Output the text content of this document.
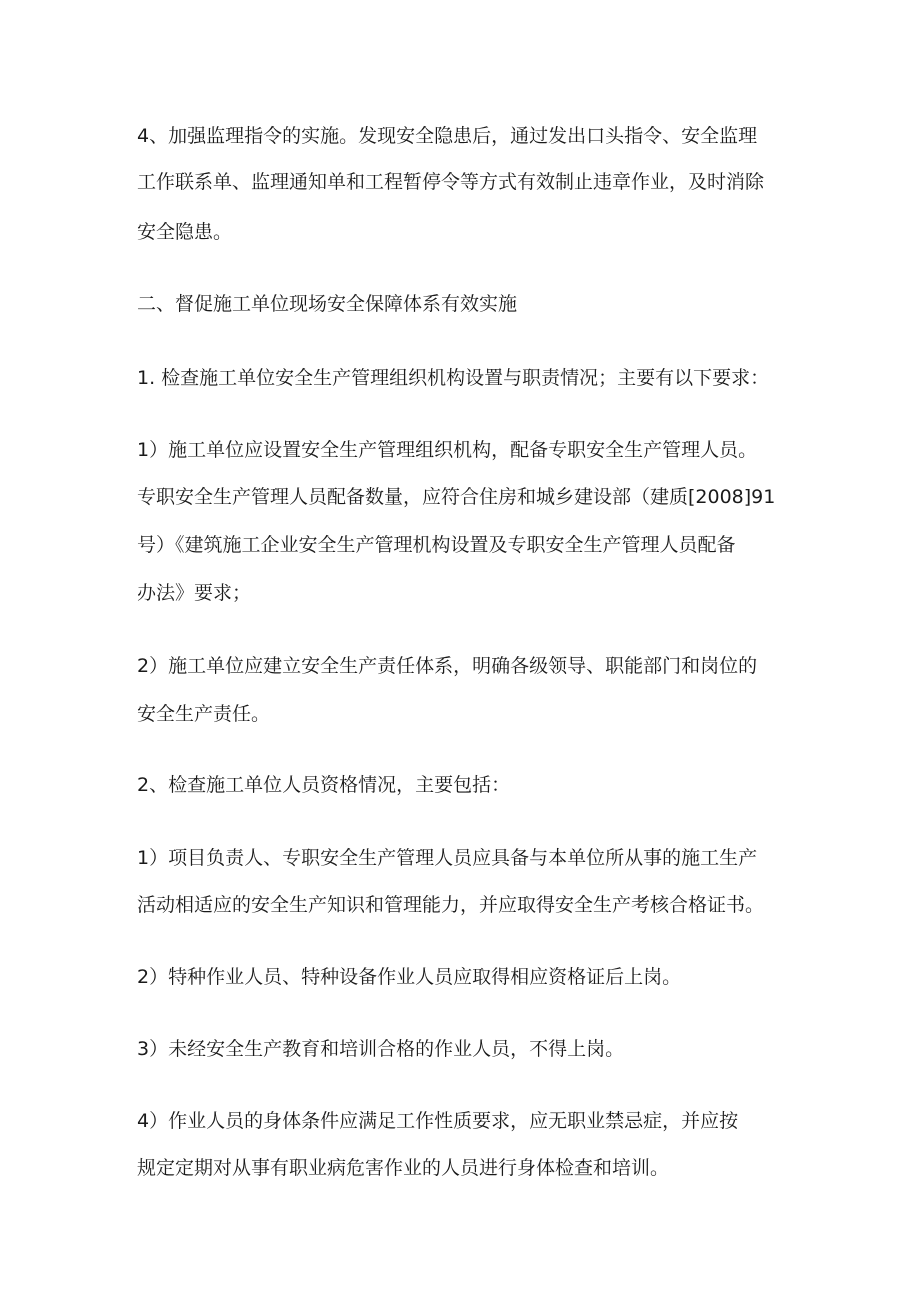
4、加强监理指令的实施。发现安全隐患后，通过发出口头指令、安全监理
工作联系单、监理通知单和工程暂停令等方式有效制止违章作业，及时消除
安全隐患。
二、督促施工单位现场安全保障体系有效实施
1. 检查施工单位安全生产管理组织机构设置与职责情况；主要有以下要求：
1）施工单位应设置安全生产管理组织机构，配备专职安全生产管理人员。
专职安全生产管理人员配备数量，应符合住房和城乡建设部（建质[2008]91
号）《建筑施工企业安全生产管理机构设置及专职安全生产管理人员配备
办法》要求；
2）施工单位应建立安全生产责任体系，明确各级领导、职能部门和岗位的
安全生产责任。
2、检查施工单位人员资格情况，主要包括：
1）项目负责人、专职安全生产管理人员应具备与本单位所从事的施工生产
活动相适应的安全生产知识和管理能力，并应取得安全生产考核合格证书。
2）特种作业人员、特种设备作业人员应取得相应资格证后上岗。
3）未经安全生产教育和培训合格的作业人员，不得上岗。
4）作业人员的身体条件应满足工作性质要求，应无职业禁忌症，并应按
规定定期对从事有职业病危害作业的人员进行身体检查和培训。
